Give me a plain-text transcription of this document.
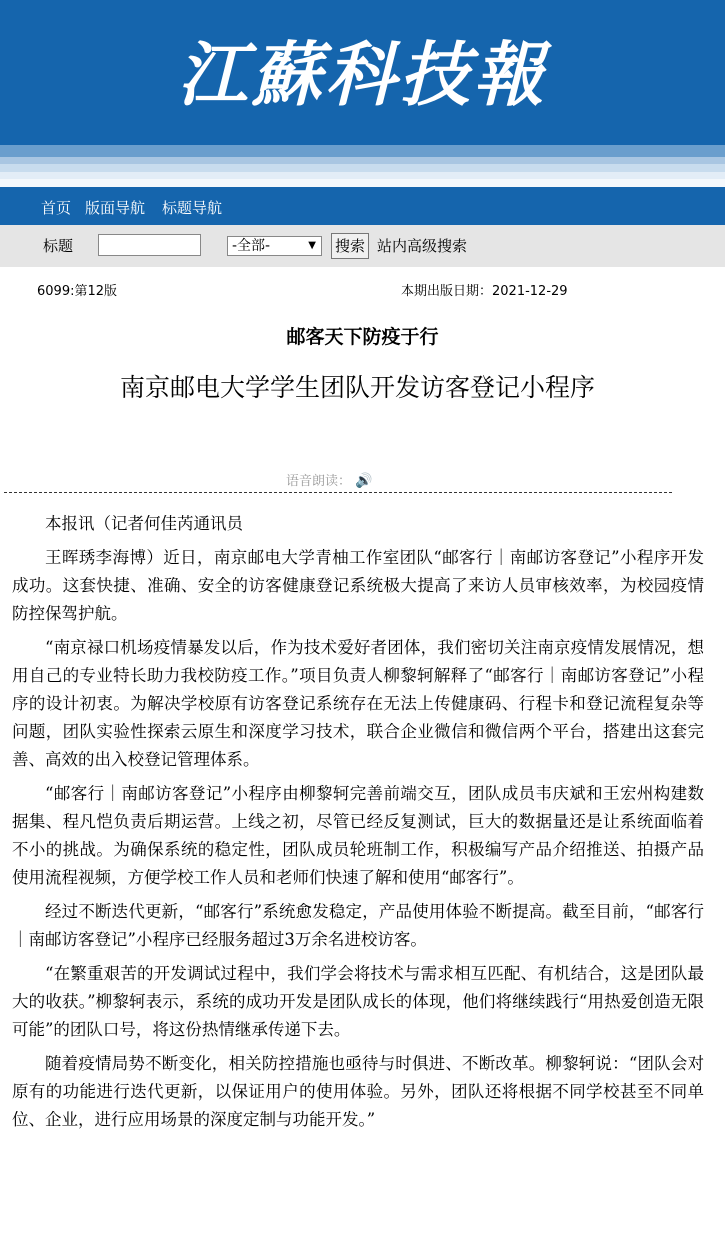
江蘇科技報
首页 版面导航 标题导航
标题	-全部-	▼ 搜索 站内高级搜索
6099:第12版	本期出版日期：2021-12-29
邮客天下防疫于行
南京邮电大学学生团队开发访客登记小程序
语音朗读： 🔊

本报讯（记者何佳芮通讯员

王晖琇李海博）近日，南京邮电大学青柚工作室团队“邮客行｜南邮访客登记”小程序开发成功。这套快捷、准确、安全的访客健康登记系统极大提高了来访人员审核效率，为校园疫情防控保驾护航。

“南京禄口机场疫情暴发以后，作为技术爱好者团体，我们密切关注南京疫情发展情况，想用自己的专业特长助力我校防疫工作。”项目负责人柳黎轲解释了“邮客行｜南邮访客登记”小程序的设计初衷。为解决学校原有访客登记系统存在无法上传健康码、行程卡和登记流程复杂等问题，团队实验性探索云原生和深度学习技术，联合企业微信和微信两个平台，搭建出这套完善、高效的出入校登记管理体系。

“邮客行｜南邮访客登记”小程序由柳黎轲完善前端交互，团队成员韦庆斌和王宏州构建数据集、程凡恺负责后期运营。上线之初，尽管已经反复测试，巨大的数据量还是让系统面临着不小的挑战。为确保系统的稳定性，团队成员轮班制工作，积极编写产品介绍推送、拍摄产品使用流程视频，方便学校工作人员和老师们快速了解和使用“邮客行”。

经过不断迭代更新，“邮客行”系统愈发稳定，产品使用体验不断提高。截至目前，“邮客行｜南邮访客登记”小程序已经服务超过3万余名进校访客。

“在繁重艰苦的开发调试过程中，我们学会将技术与需求相互匹配、有机结合，这是团队最大的收获。”柳黎轲表示，系统的成功开发是团队成长的体现，他们将继续践行“用热爱创造无限可能”的团队口号，将这份热情继承传递下去。

随着疫情局势不断变化，相关防控措施也亟待与时俱进、不断改革。柳黎轲说：“团队会对原有的功能进行迭代更新，以保证用户的使用体验。另外，团队还将根据不同学校甚至不同单位、企业，进行应用场景的深度定制与功能开发。”
